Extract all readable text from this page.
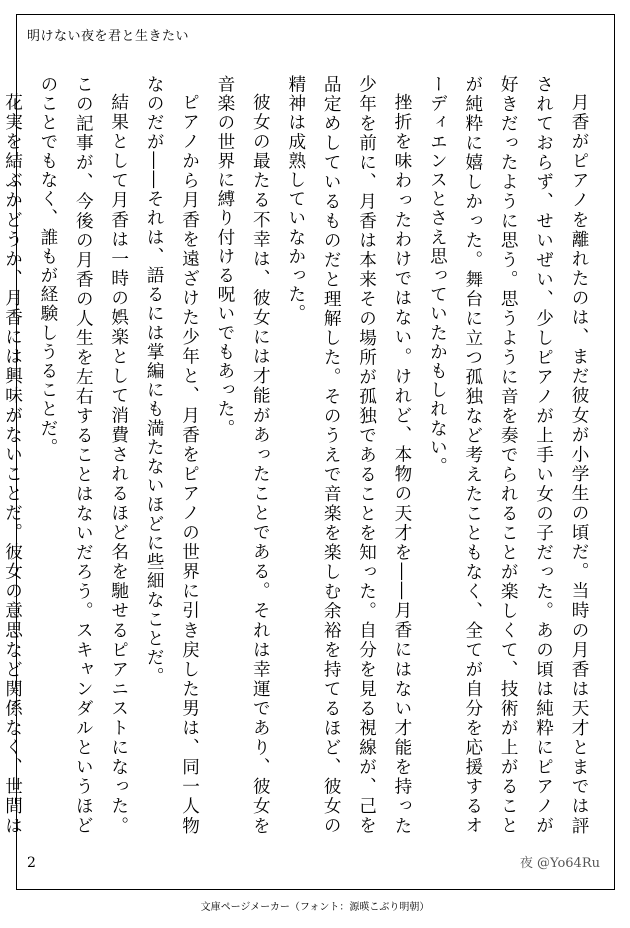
明けない夜を君と生きたい

月香がピアノを離れたのは、まだ彼女が小学生の頃だ。当時の月香は天才とまでは評されておらず、せいぜい、少しピアノが上手い女の子だった。あの頃は純粋にピアノが好きだったように思う。思うように音を奏でられることが楽しくて、技術が上がることが純粋に嬉しかった。舞台に立つ孤独など考えたこともなく、全てが自分を応援するオーディエンスとさえ思っていたかもしれない。

挫折を味わったわけではない。けれど、本物の天才を――月香にはない才能を持った少年を前に、月香は本来その場所が孤独であることを知った。自分を見る視線が、己を品定めしているものだと理解した。そのうえで音楽を楽しむ余裕を持てるほど、彼女の精神は成熟していなかった。

彼女の最たる不幸は、彼女には才能があったことである。それは幸運であり、彼女を音楽の世界に縛り付ける呪いでもあった。

ピアノから月香を遠ざけた少年と、月香をピアノの世界に引き戻した男は、同一人物なのだが――それは、語るには掌編にも満たないほどに些細なことだ。

結果として月香は一時の娯楽として消費されるほど名を馳せるピアニストになった。この記事が、今後の月香の人生を左右することはないだろう。スキャンダルというほどのことでもなく、誰もが経験しうることだ。

花実を結ぶかどうか、月香には興味がないことだ。彼女の意思など関係なく、世間は

2	夜 @Yo64Ru
文庫ページメーカー（フォント：源暎こぶり明朝）
